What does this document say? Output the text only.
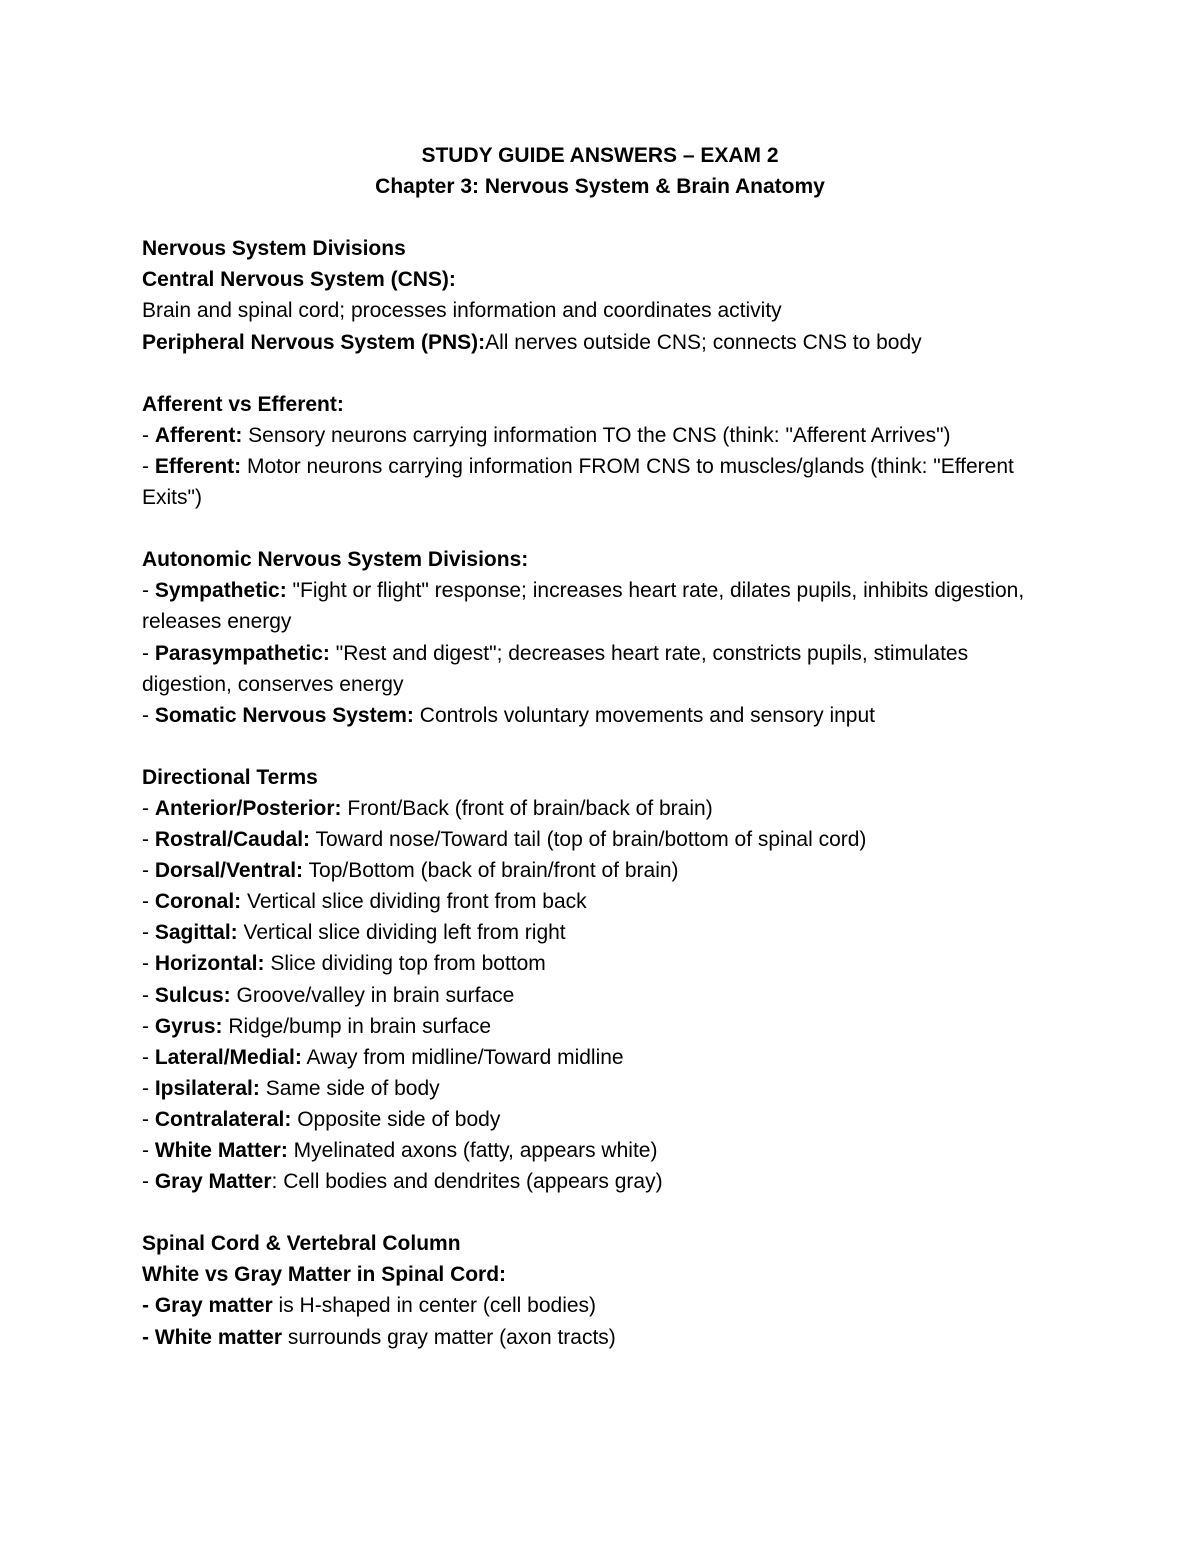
STUDY GUIDE ANSWERS – EXAM 2
Chapter 3: Nervous System & Brain Anatomy
Nervous System Divisions
Central Nervous System (CNS):
Brain and spinal cord; processes information and coordinates activity
Peripheral Nervous System (PNS):All nerves outside CNS; connects CNS to body
Afferent vs Efferent:
- Afferent: Sensory neurons carrying information TO the CNS (think: "Afferent Arrives")
- Efferent: Motor neurons carrying information FROM CNS to muscles/glands (think: "Efferent Exits")
Autonomic Nervous System Divisions:
- Sympathetic: "Fight or flight" response; increases heart rate, dilates pupils, inhibits digestion, releases energy
- Parasympathetic: "Rest and digest"; decreases heart rate, constricts pupils, stimulates digestion, conserves energy
- Somatic Nervous System: Controls voluntary movements and sensory input
Directional Terms
- Anterior/Posterior: Front/Back (front of brain/back of brain)
- Rostral/Caudal: Toward nose/Toward tail (top of brain/bottom of spinal cord)
- Dorsal/Ventral: Top/Bottom (back of brain/front of brain)
- Coronal: Vertical slice dividing front from back
- Sagittal: Vertical slice dividing left from right
- Horizontal: Slice dividing top from bottom
- Sulcus: Groove/valley in brain surface
- Gyrus: Ridge/bump in brain surface
- Lateral/Medial: Away from midline/Toward midline
- Ipsilateral: Same side of body
- Contralateral: Opposite side of body
- White Matter: Myelinated axons (fatty, appears white)
- Gray Matter: Cell bodies and dendrites (appears gray)
Spinal Cord & Vertebral Column
White vs Gray Matter in Spinal Cord:
- Gray matter is H-shaped in center (cell bodies)
- White matter surrounds gray matter (axon tracts)
